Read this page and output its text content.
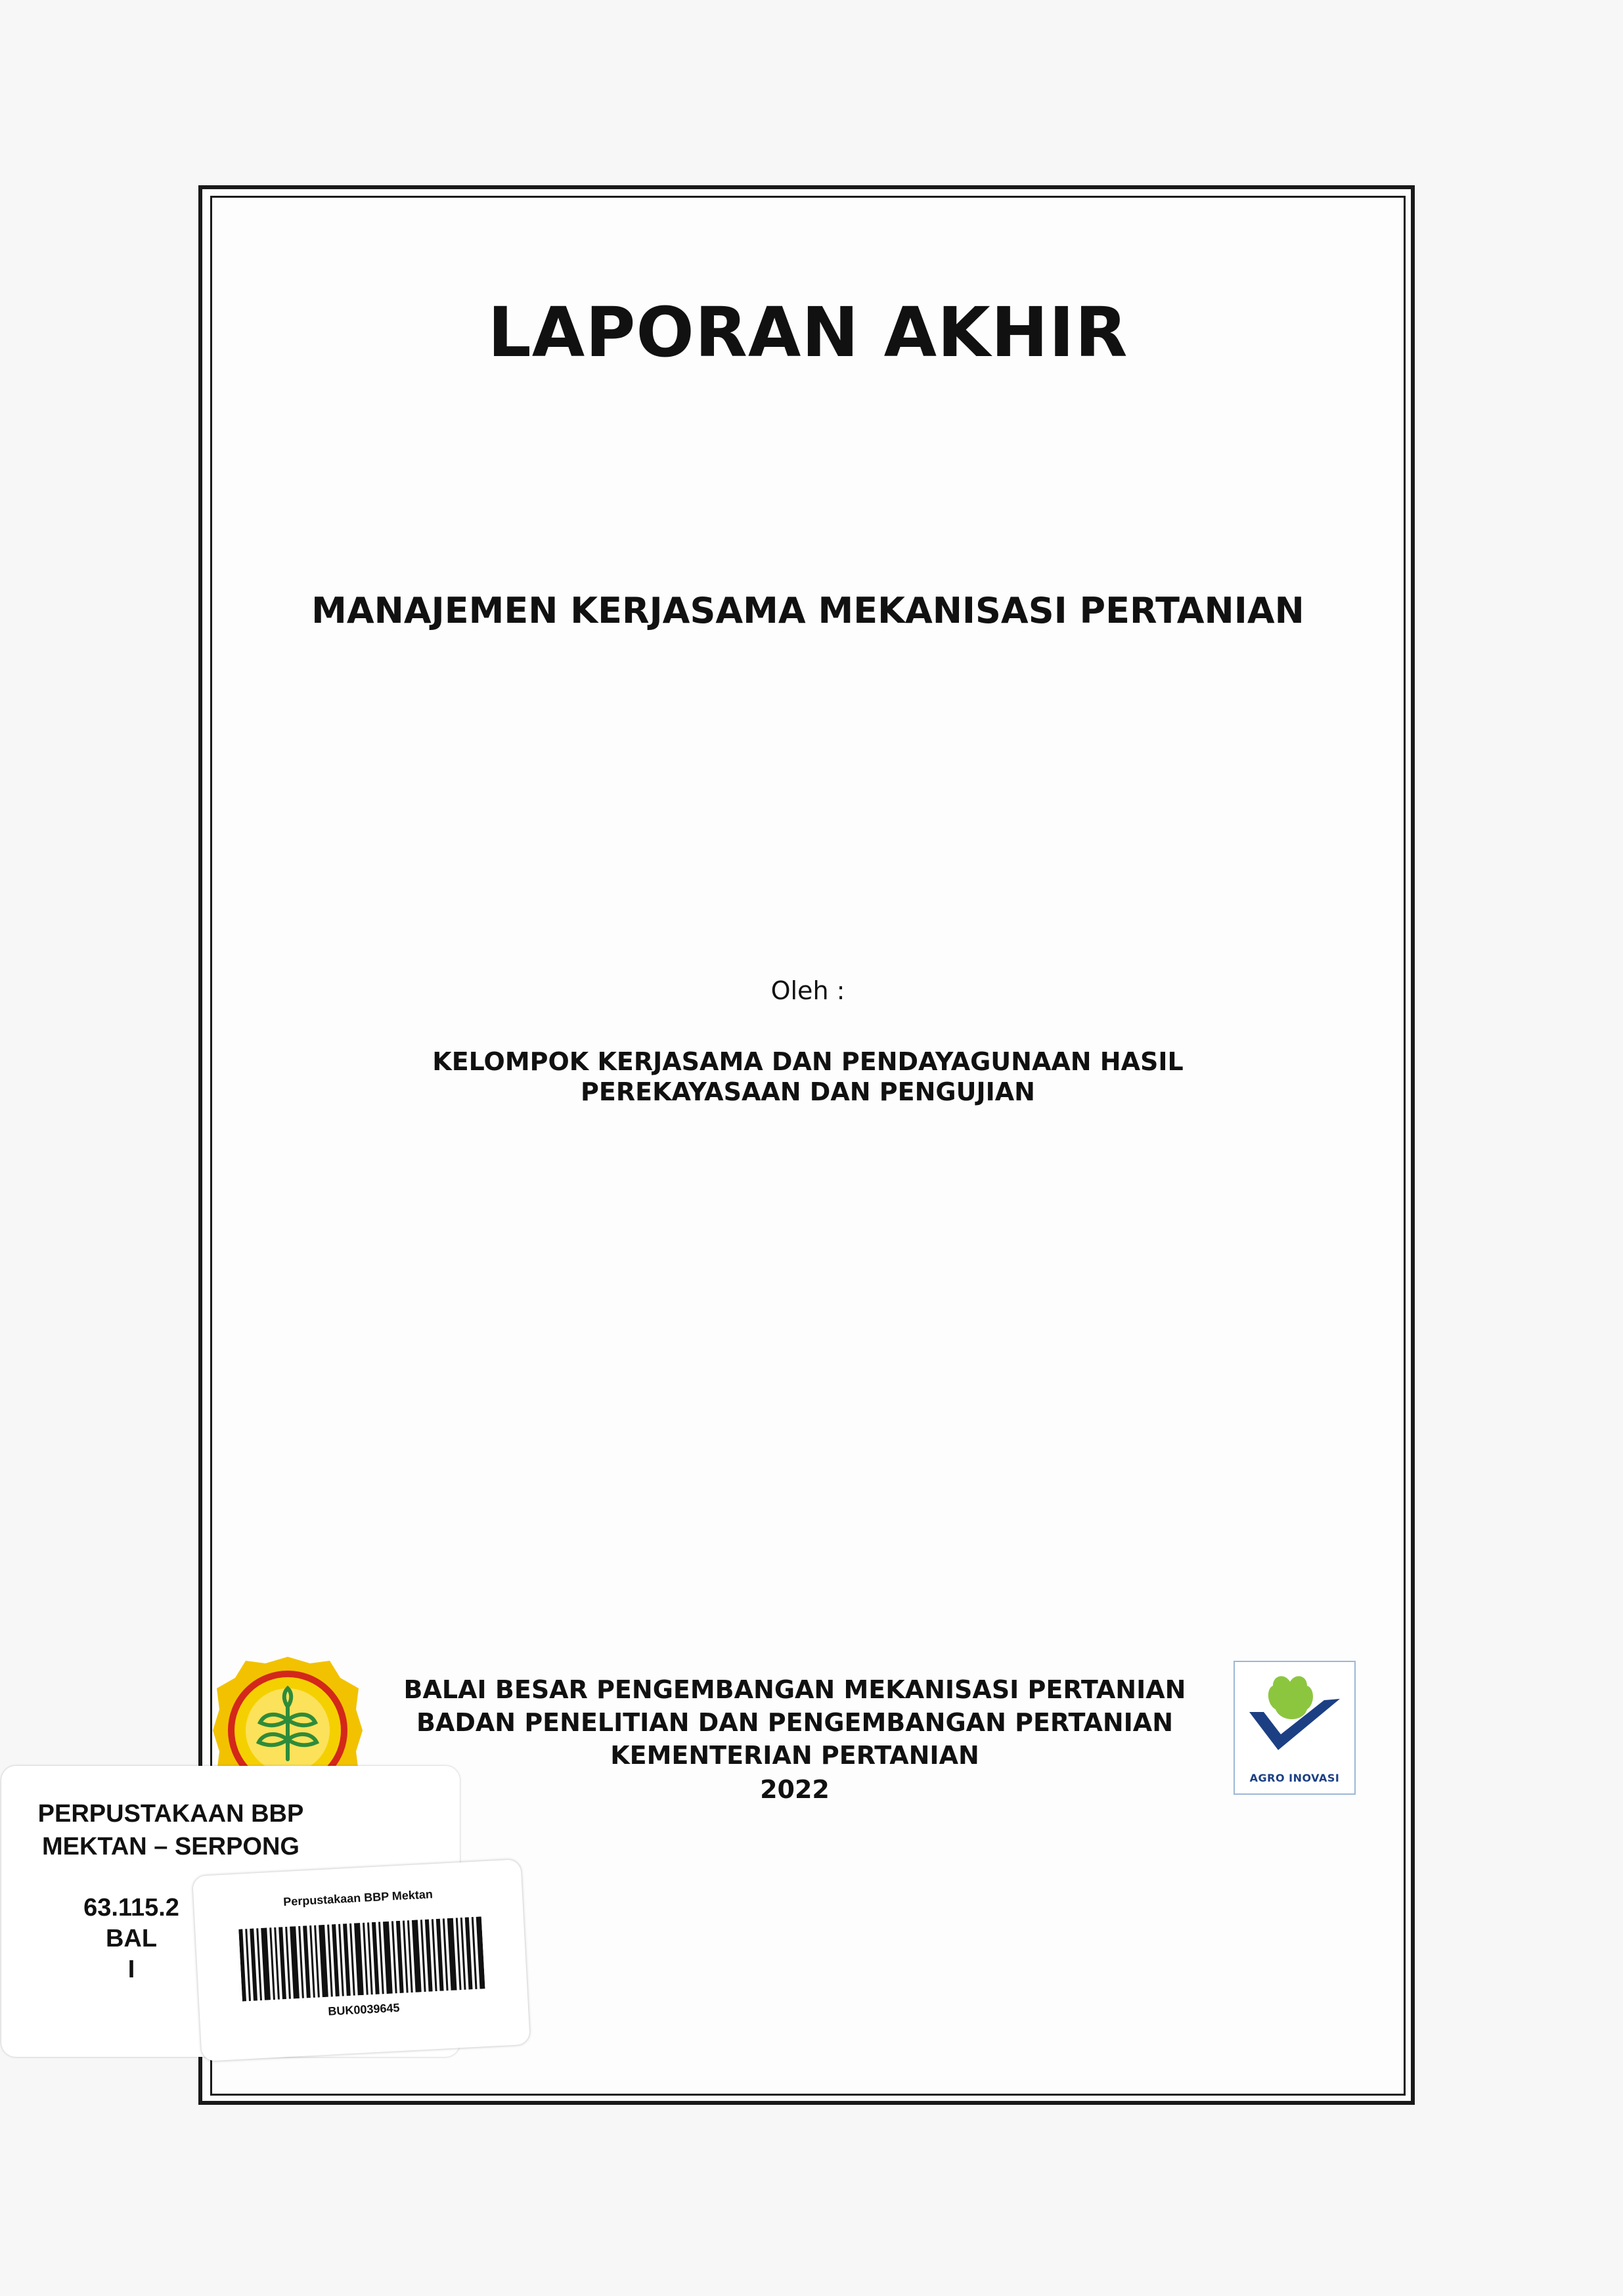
LAPORAN AKHIR
MANAJEMEN KERJASAMA MEKANISASI PERTANIAN
Oleh :
KELOMPOK KERJASAMA DAN PENDAYAGUNAAN HASIL
PEREKAYASAAN DAN PENGUJIAN
BALAI BESAR PENGEMBANGAN MEKANISASI PERTANIAN
BADAN PENELITIAN DAN PENGEMBANGAN PERTANIAN
KEMENTERIAN PERTANIAN
2022	AGRO INOVASI
PERPUSTAKAAN BBP
MEKTAN – SERPONG
63.115.2
BAL
I
Perpustakaan BBP Mektan
BUK0039645
